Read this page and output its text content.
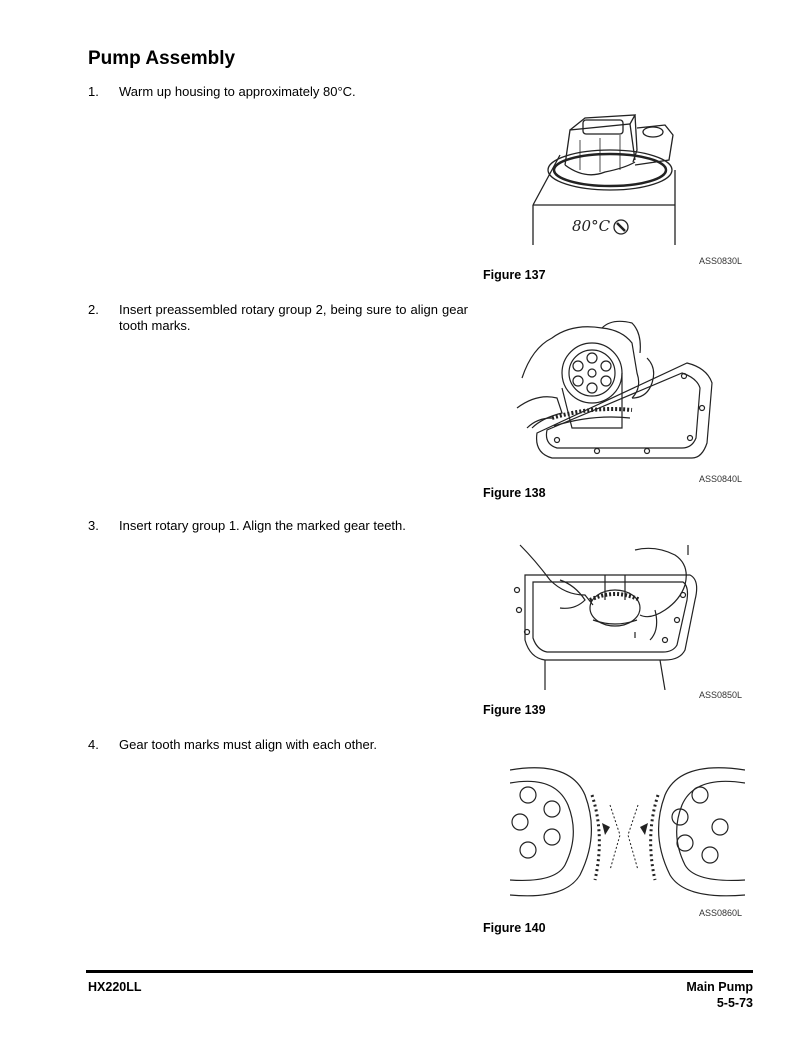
Pump Assembly
1. Warm up housing to approximately 80°C.
80°C
ASS0830L
Figure 137
2. Insert preassembled rotary group 2, being sure to align gear tooth marks.
ASS0840L
Figure 138
3. Insert rotary group 1. Align the marked gear teeth.
ASS0850L
Figure 139
4. Gear tooth marks must align with each other.
ASS0860L
Figure 140
HX220LL	Main Pump
5-5-73
